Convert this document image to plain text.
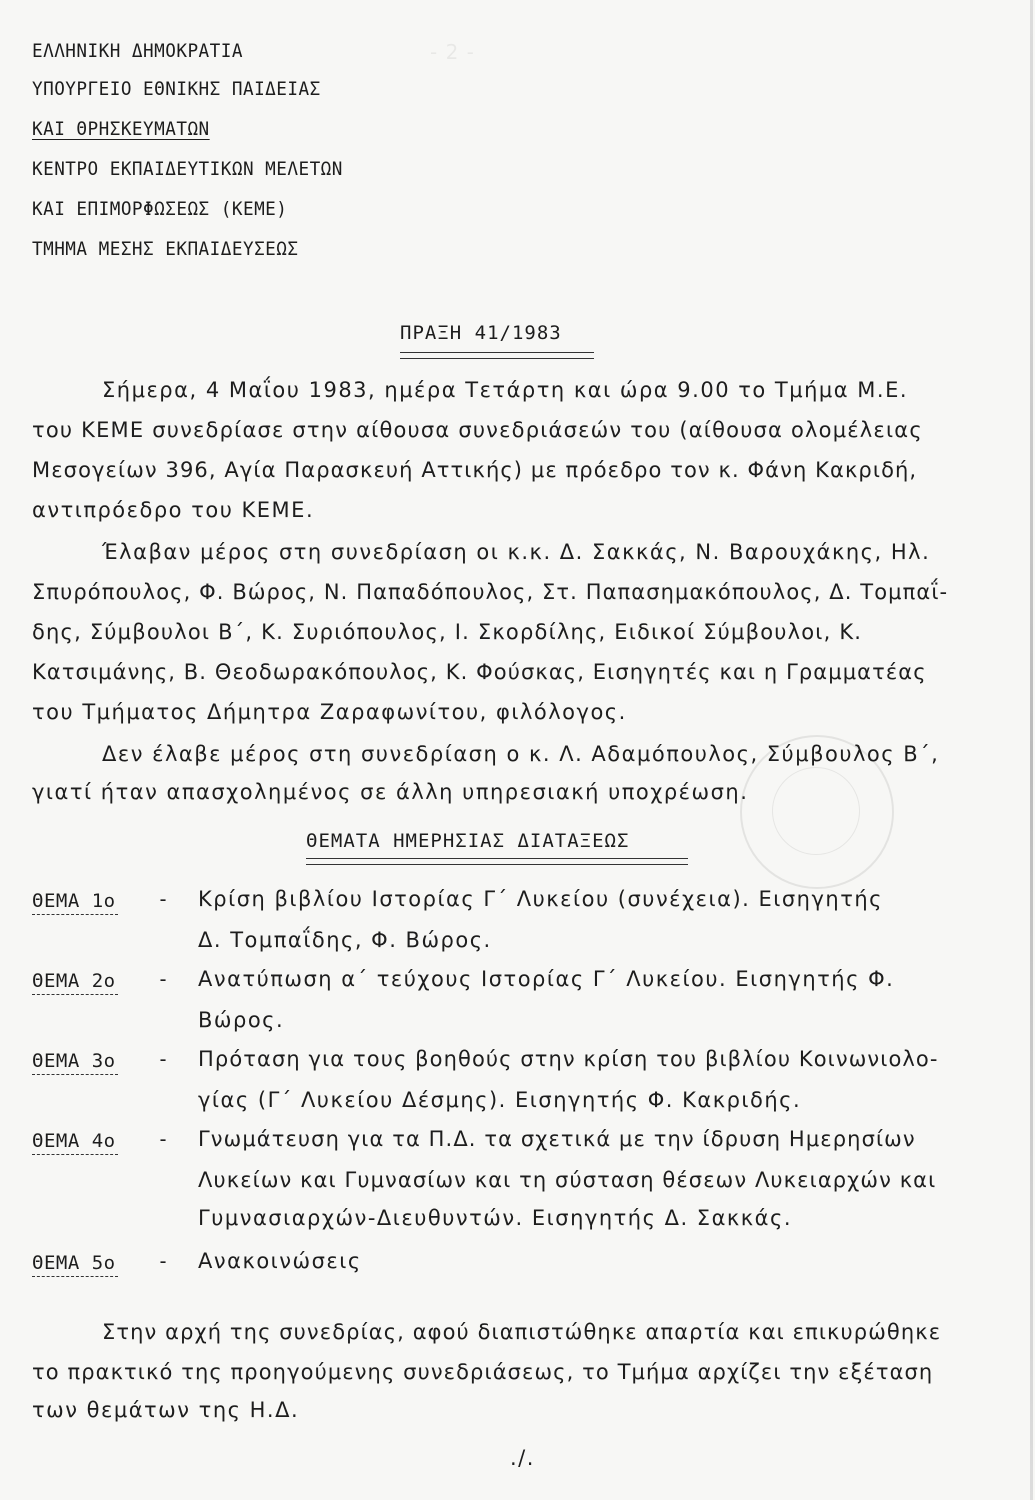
- 2 -
ΕΛΛΗΝΙΚΗ ΔΗΜΟΚΡΑΤΙΑ
ΥΠΟΥΡΓΕΙΟ ΕΘΝΙΚΗΣ ΠΑΙΔΕΙΑΣ
ΚΑΙ ΘΡΗΣΚΕΥΜΑΤΩΝ
ΚΕΝΤΡΟ ΕΚΠΑΙΔΕΥΤΙΚΩΝ ΜΕΛΕΤΩΝ
ΚΑΙ ΕΠΙΜΟΡΦΩΣΕΩΣ (ΚΕΜΕ)
ΤΜΗΜΑ ΜΕΣΗΣ ΕΚΠΑΙΔΕΥΣΕΩΣ
ΠΡΑΞΗ 41/1983
Σήμερα, 4 Μαΐου 1983, ημέρα Τετάρτη και ώρα 9.00 το Τμήμα Μ.Ε.
του ΚΕΜΕ συνεδρίασε στην αίθουσα συνεδριάσεών του (αίθουσα ολομέλειας
Μεσογείων 396, Αγία Παρασκευή Αττικής) με πρόεδρο τον κ. Φάνη Κακριδή,
αντιπρόεδρο του ΚΕΜΕ.
Έλαβαν μέρος στη συνεδρίαση οι κ.κ. Δ. Σακκάς, Ν. Βαρουχάκης, Ηλ.
Σπυρόπουλος, Φ. Βώρος, Ν. Παπαδόπουλος, Στ. Παπασημακόπουλος, Δ. Τομπαΐ-
δης, Σύμβουλοι Β΄, Κ. Συριόπουλος, Ι. Σκορδίλης, Ειδικοί Σύμβουλοι, Κ.
Κατσιμάνης, Β. Θεοδωρακόπουλος, Κ. Φούσκας, Εισηγητές και η Γραμματέας
του Τμήματος Δήμητρα Ζαραφωνίτου, φιλόλογος.
Δεν έλαβε μέρος στη συνεδρίαση ο κ. Λ. Αδαμόπουλος, Σύμβουλος Β΄,
γιατί ήταν απασχολημένος σε άλλη υπηρεσιακή υποχρέωση.
ΘΕΜΑΤΑ ΗΜΕΡΗΣΙΑΣ ΔΙΑΤΑΞΕΩΣ
ΘΕΜΑ 1ο - Κρίση βιβλίου Ιστορίας Γ΄ Λυκείου (συνέχεια). Εισηγητής
Δ. Τομπαΐδης, Φ. Βώρος.
ΘΕΜΑ 2ο - Ανατύπωση α΄ τεύχους Ιστορίας Γ΄ Λυκείου. Εισηγητής Φ.
Βώρος.
ΘΕΜΑ 3ο - Πρόταση για τους βοηθούς στην κρίση του βιβλίου Κοινωνιολο-
γίας (Γ΄ Λυκείου Δέσμης). Εισηγητής Φ. Κακριδής.
ΘΕΜΑ 4ο - Γνωμάτευση για τα Π.Δ. τα σχετικά με την ίδρυση Ημερησίων
Λυκείων και Γυμνασίων και τη σύσταση θέσεων Λυκειαρχών και
Γυμνασιαρχών-Διευθυντών. Εισηγητής Δ. Σακκάς.
ΘΕΜΑ 5ο - Ανακοινώσεις
Στην αρχή της συνεδρίας, αφού διαπιστώθηκε απαρτία και επικυρώθηκε
το πρακτικό της προηγούμενης συνεδριάσεως, το Τμήμα αρχίζει την εξέταση
των θεμάτων της Η.Δ.
./.
